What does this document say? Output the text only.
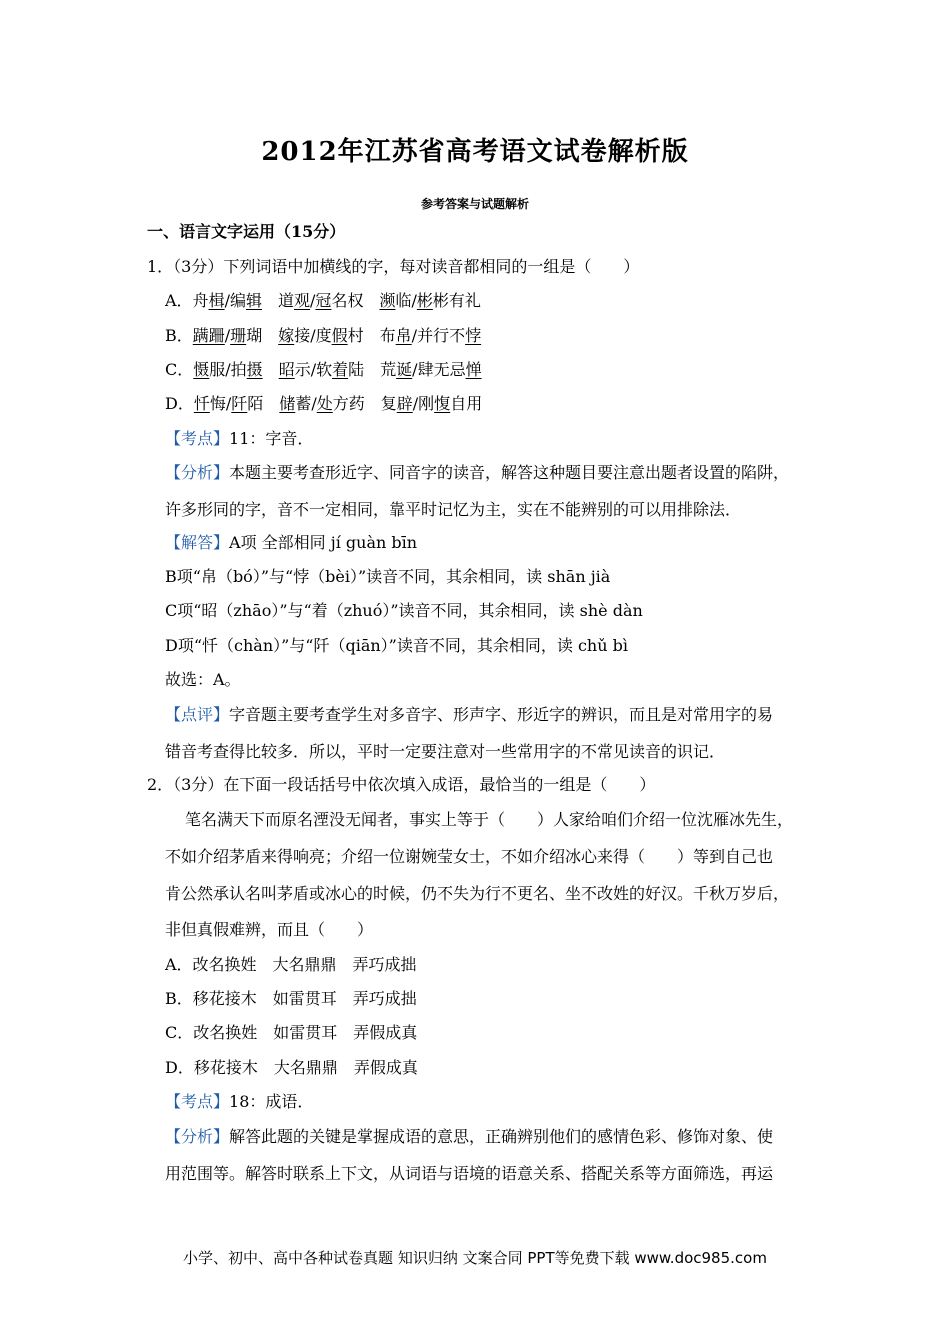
2012年江苏省高考语文试卷解析版
参考答案与试题解析
一、语言文字运用（15分）
1．（3分）下列词语中加横线的字，每对读音都相同的一组是（　　）
A．舟楫/编辑　道观/冠名权　濒临/彬彬有礼
B．蹒跚/珊瑚　嫁接/度假村　布帛/并行不悖
C．慑服/拍摄　 昭示/软着陆　荒诞/肆无忌惮
D．忏悔/阡陌　储蓄/处方药　复辟/刚愎自用
【考点】11：字音．
【分析】本题主要考查形近字、同音字的读音，解答这种题目要注意出题者设置的陷阱，
许多形同的字，音不一定相同，靠平时记忆为主，实在不能辨别的可以用排除法．
【解答】A项 全部相同 jí guàn bīn
B项“帛（bó）”与“悖（bèi）”读音不同，其余相同，读 shān jià
C项“昭（zhāo）”与“着（zhuó）”读音不同，其余相同，读 shè dàn
D项“忏（chàn）”与“阡（qiān）”读音不同，其余相同，读 chǔ bì
故选：A。
【点评】字音题主要考查学生对多音字、形声字、形近字的辨识，而且是对常用字的易
错音考查得比较多．所以，平时一定要注意对一些常用字的不常见读音的识记．
2．（3分）在下面一段话括号中依次填入成语，最恰当的一组是（　　）
笔名满天下而原名湮没无闻者，事实上等于（　　）人家给咱们介绍一位沈雁冰先生，
不如介绍茅盾来得响亮；介绍一位谢婉莹女士，不如介绍冰心来得（　　）等到自己也
肯公然承认名叫茅盾或冰心的时候，仍不失为行不更名、坐不改姓的好汉。千秋万岁后，
非但真假难辨，而且（　　）
A．改名换姓　大名鼎鼎　弄巧成拙
B．移花接木　如雷贯耳　弄巧成拙
C．改名换姓　如雷贯耳　弄假成真
D．移花接木　大名鼎鼎　弄假成真
【考点】18：成语．
【分析】解答此题的关键是掌握成语的意思，正确辨别他们的感情色彩、修饰对象、使
用范围等。解答时联系上下文，从词语与语境的语意关系、搭配关系等方面筛选，再运
小学、初中、高中各种试卷真题 知识归纳 文案合同 PPT等免费下载 www.doc985.com
